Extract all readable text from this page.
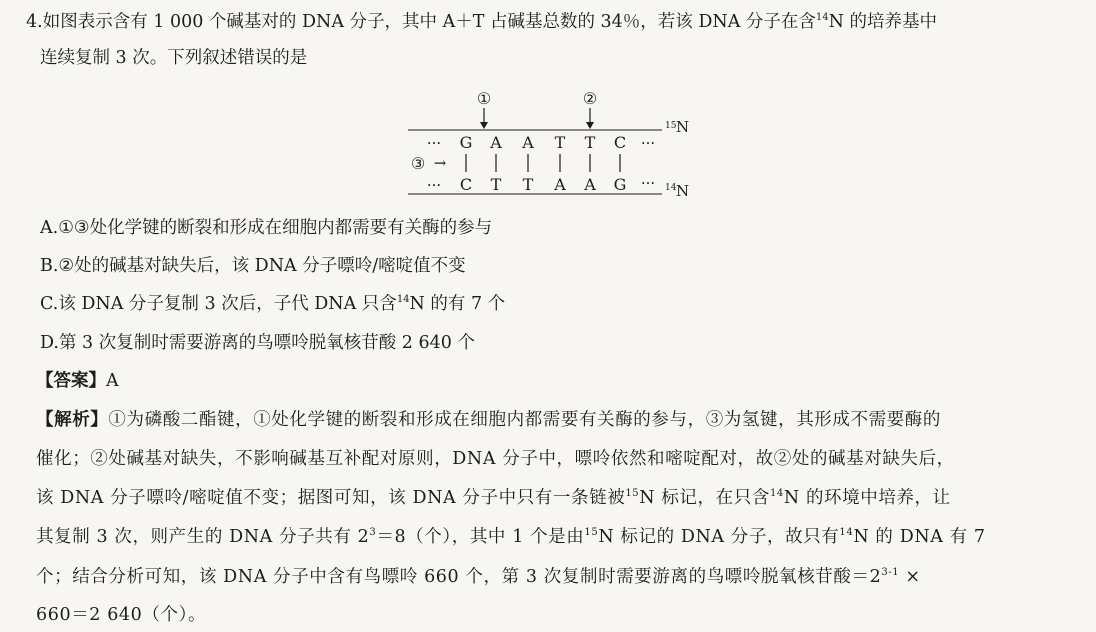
4.如图表示含有 1 000 个碱基对的 DNA 分子，其中 A＋T 占碱基总数的 34％，若该 DNA 分子在含$^{14}$N 的培养基中
连续复制 3 次。下列叙述错误的是
①	②
15 N
··· G A A T T C ···
③ →
··· C T T A A G ··· 14 N
A.①③处化学键的断裂和形成在细胞内都需要有关酶的参与
B.②处的碱基对缺失后，该 DNA 分子嘌呤/嘧啶值不变
C.该 DNA 分子复制 3 次后，子代 DNA 只含$^{14}$N 的有 7 个
D.第 3 次复制时需要游离的鸟嘌呤脱氧核苷酸 2 640 个
【答案】A
【解析】①为磷酸二酯键，①处化学键的断裂和形成在细胞内都需要有关酶的参与，③为氢键，其形成不需要酶的
催化；②处碱基对缺失，不影响碱基互补配对原则，DNA 分子中，嘌呤依然和嘧啶配对，故②处的碱基对缺失后，
该 DNA 分子嘌呤/嘧啶值不变；据图可知，该 DNA 分子中只有一条链被$^{15}$N 标记，在只含$^{14}$N 的环境中培养，让
其复制 3 次，则产生的 DNA 分子共有 $2^3=8$（个），其中 1 个是由$^{15}$N 标记的 DNA 分子，故只有$^{14}$N 的 DNA 有 7
个；结合分析可知，该 DNA 分子中含有鸟嘌呤 660 个，第 3 次复制时需要游离的鸟嘌呤脱氧核苷酸$=2^{3-1}$ ×
660＝2 640（个）。
